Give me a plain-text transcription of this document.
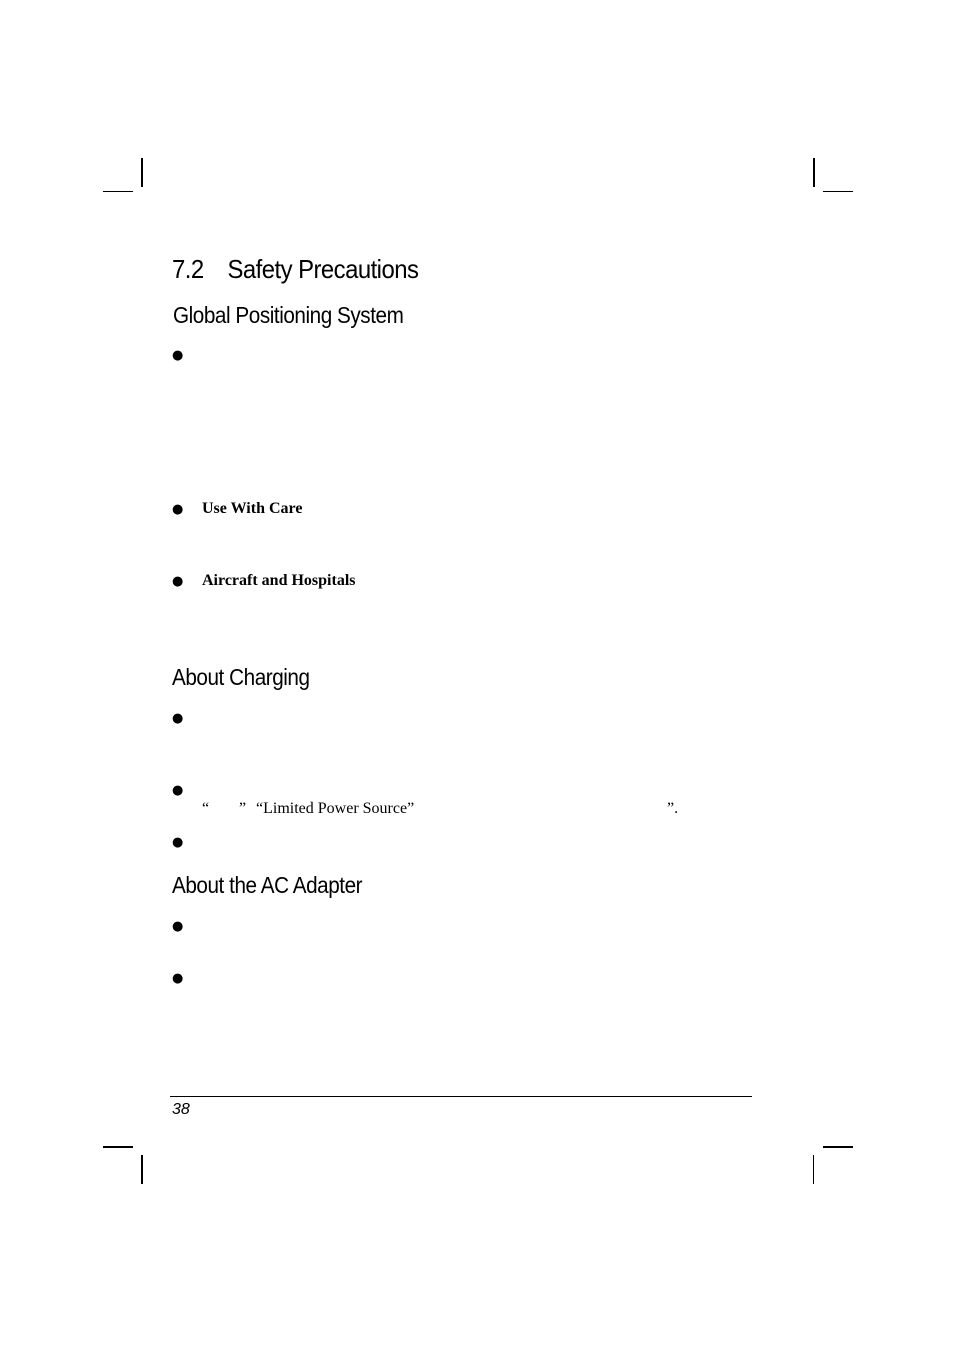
7.2 Safety Precautions
Global Positioning System
●
● Use With Care
● Aircraft and Hospitals
About Charging
●
●
“ ” “Limited Power Source”	”.
●
About the AC Adapter
●
●
38
